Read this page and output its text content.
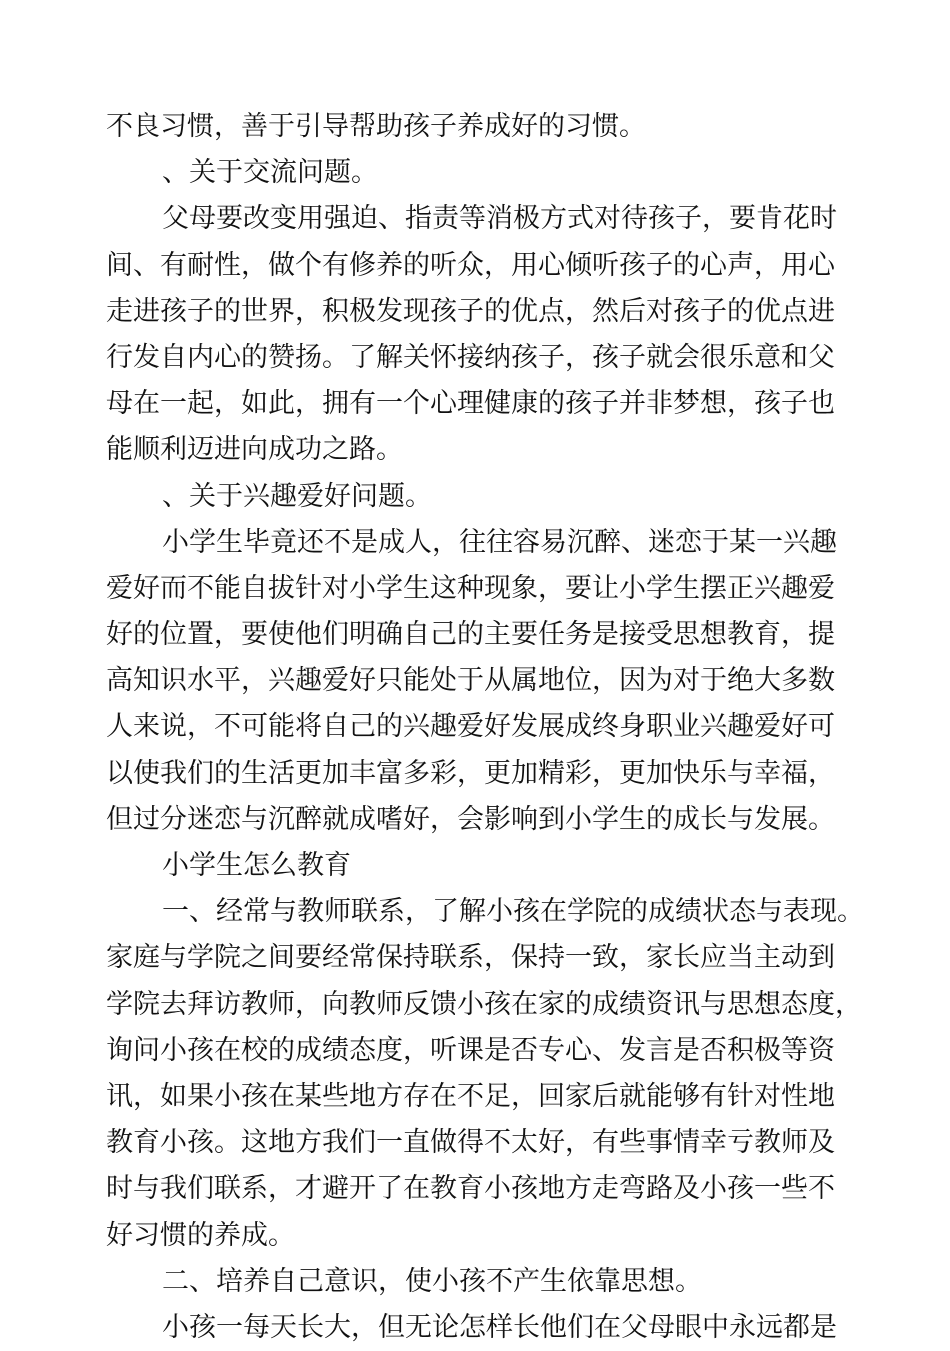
不良习惯，善于引导帮助孩子养成好的习惯。
、关于交流问题。
父母要改变用强迫、指责等消极方式对待孩子，要肯花时
间、有耐性，做个有修养的听众，用心倾听孩子的心声，用心
走进孩子的世界，积极发现孩子的优点，然后对孩子的优点进
行发自内心的赞扬。了解关怀接纳孩子，孩子就会很乐意和父
母在一起，如此，拥有一个心理健康的孩子并非梦想，孩子也
能顺利迈进向成功之路。
、关于兴趣爱好问题。
小学生毕竟还不是成人，往往容易沉醉、迷恋于某一兴趣
爱好而不能自拔针对小学生这种现象，要让小学生摆正兴趣爱
好的位置，要使他们明确自己的主要任务是接受思想教育，提
高知识水平，兴趣爱好只能处于从属地位，因为对于绝大多数
人来说，不可能将自己的兴趣爱好发展成终身职业兴趣爱好可
以使我们的生活更加丰富多彩，更加精彩，更加快乐与幸福，
但过分迷恋与沉醉就成嗜好，会影响到小学生的成长与发展。
小学生怎么教育
一、经常与教师联系，了解小孩在学院的成绩状态与表现。
家庭与学院之间要经常保持联系，保持一致，家长应当主动到
学院去拜访教师，向教师反馈小孩在家的成绩资讯与思想态度，
询问小孩在校的成绩态度，听课是否专心、发言是否积极等资
讯，如果小孩在某些地方存在不足，回家后就能够有针对性地
教育小孩。这地方我们一直做得不太好，有些事情幸亏教师及
时与我们联系，才避开了在教育小孩地方走弯路及小孩一些不
好习惯的养成。
二、培养自己意识，使小孩不产生依靠思想。
小孩一每天长大，但无论怎样长他们在父母眼中永远都是
